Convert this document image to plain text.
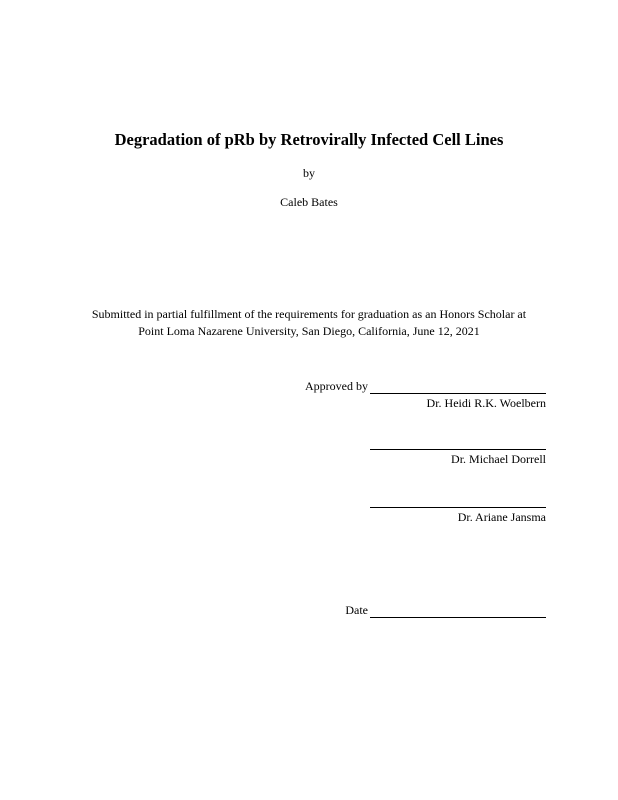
Degradation of pRb by Retrovirally Infected Cell Lines
by
Caleb Bates
Submitted in partial fulfillment of the requirements for graduation as an Honors Scholar at
Point Loma Nazarene University, San Diego, California, June 12, 2021
Approved by
Dr. Heidi R.K. Woelbern
Dr. Michael Dorrell
Dr. Ariane Jansma
Date
